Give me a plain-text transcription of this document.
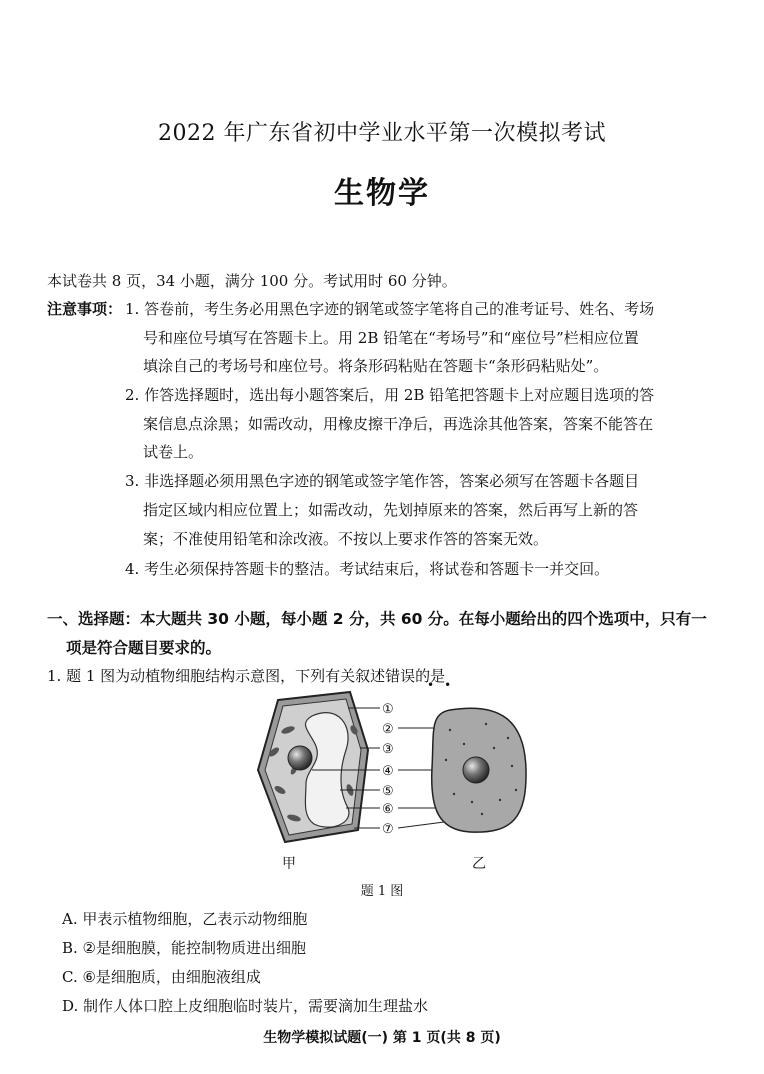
2022 年广东省初中学业水平第一次模拟考试
生物学
本试卷共 8 页，34 小题，满分 100 分。考试用时 60 分钟。
注意事项： 1. 答卷前，考生务必用黑色字迹的钢笔或签字笔将自己的准考证号、姓名、考场
号和座位号填写在答题卡上。用 2B 铅笔在“考场号”和“座位号”栏相应位置
填涂自己的考场号和座位号。将条形码粘贴在答题卡“条形码粘贴处”。
2. 作答选择题时，选出每小题答案后，用 2B 铅笔把答题卡上对应题目选项的答
案信息点涂黑；如需改动，用橡皮擦干净后，再选涂其他答案，答案不能答在
试卷上。
3. 非选择题必须用黑色字迹的钢笔或签字笔作答，答案必须写在答题卡各题目
指定区域内相应位置上；如需改动，先划掉原来的答案，然后再写上新的答
案；不准使用铅笔和涂改液。不按以上要求作答的答案无效。
4. 考生必须保持答题卡的整洁。考试结束后，将试卷和答题卡一并交回。
一、选择题：本大题共 30 小题，每小题 2 分，共 60 分。在每小题给出的四个选项中，只有一
项是符合题目要求的。
1. 题 1 图为动植物细胞结构示意图，下列有关叙述错误的是
••
①
②
③
④
⑤
⑥
⑦
甲	乙
题 1 图
A. 甲表示植物细胞，乙表示动物细胞
B. ②是细胞膜，能控制物质进出细胞
C. ⑥是细胞质，由细胞液组成
D. 制作人体口腔上皮细胞临时装片，需要滴加生理盐水
生物学模拟试题(一) 第 1 页(共 8 页)
